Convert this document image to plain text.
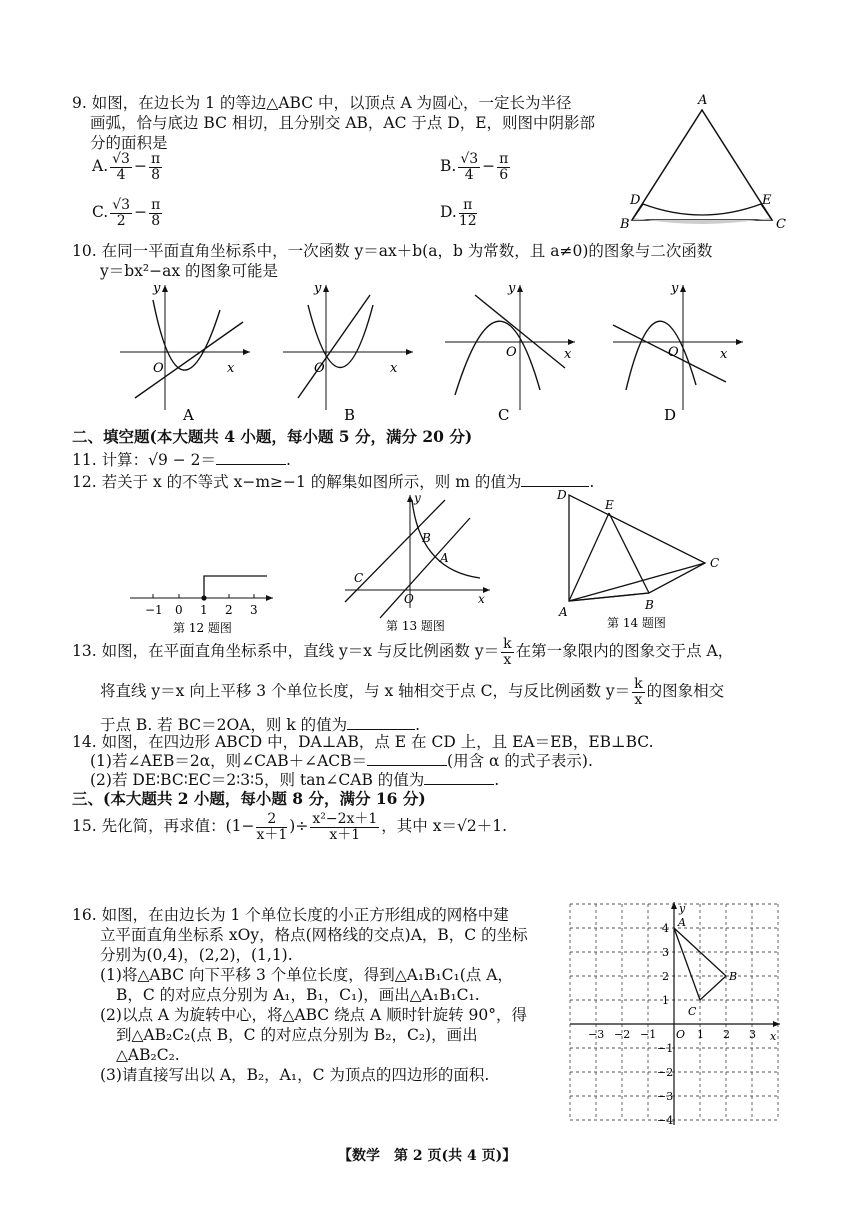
9. 如图，在边长为 1 的等边△ABC 中，以顶点 A 为圆心，一定长为半径
画弧，恰与底边 BC 相切，且分别交 AB，AC 于点 D，E，则图中阴影部
分的面积是
A. $\frac{√3}{4} - \frac{\pi}{8}$	B. $\frac{√3}{4} - \frac{\pi}{6}$
C. $\frac{√3}{2} - \frac{\pi}{8}$	D. $\frac{\pi}{12}$
A
B	C
D	E
10. 在同一平面直角坐标系中，一次函数 y＝ax＋b(a，b 为常数，且 a≠0)的图象与二次函数
y＝bx²−ax 的图象可能是
y
x
O
A
y
x
O
B
y
x
O
C
y
x
O
D
二、填空题(本大题共 4 小题，每小题 5 分，满分 20 分)
11. 计算：√9 − 2＝	.
12. 若关于 x 的不等式 x−m≥−1 的解集如图所示，则 m 的值为	.
−1 0 1 2 3
第 12 题图
y
x
O
A
B
C
第 13 题图
A	B
C
D
E
第 14 题图
13. 如图，在平面直角坐标系中，直线 y＝x 与反比例函数 $y= \frac{k}{x}$ 在第一象限内的图象交于点 A，
将直线 y＝x 向上平移 3 个单位长度，与 x 轴相交于点 C，与反比例函数 $y= \frac{k}{x}$ 的图象相交
于点 B. 若 BC＝2OA，则 k 的值为	.
14. 如图，在四边形 ABCD 中，DA⊥AB，点 E 在 CD 上，且 EA＝EB，EB⊥BC.
(1)若∠AEB＝2α，则∠CAB＋∠ACB＝	(用含 α 的式子表示).
(2)若 DE∶BC∶EC＝2∶3∶5，则 tan∠CAB 的值为	.
三、(本大题共 2 小题，每小题 8 分，满分 16 分)
15. 先化简，再求值：($1- \frac{2}{x+1}$ )÷ $\frac{\text{x²−2x＋1}}{x+1}$ ，其中 x＝√2＋1.
16. 如图，在由边长为 1 个单位长度的小正方形组成的网格中建
立平面直角坐标系 xOy，格点(网格线的交点)A，B，C 的坐标
分别为(0,4)，(2,2)，(1,1).
(1)将△ABC 向下平移 3 个单位长度，得到△A₁B₁C₁(点 A，
B，C 的对应点分别为 A₁，B₁，C₁)，画出△A₁B₁C₁.
(2)以点 A 为旋转中心，将△ABC 绕点 A 顺时针旋转 90°，得
到△AB₂C₂(点 B，C 的对应点分别为 B₂，C₂)，画出
△AB₂C₂.
(3)请直接写出以 A，B₂，A₁，C 为顶点的四边形的面积.
−3 −2 −1 O 1 2 3 x
4
3
2
1
−1
−2
−3
−4
y
A
B
C
【数学　第 2 页(共 4 页)】
